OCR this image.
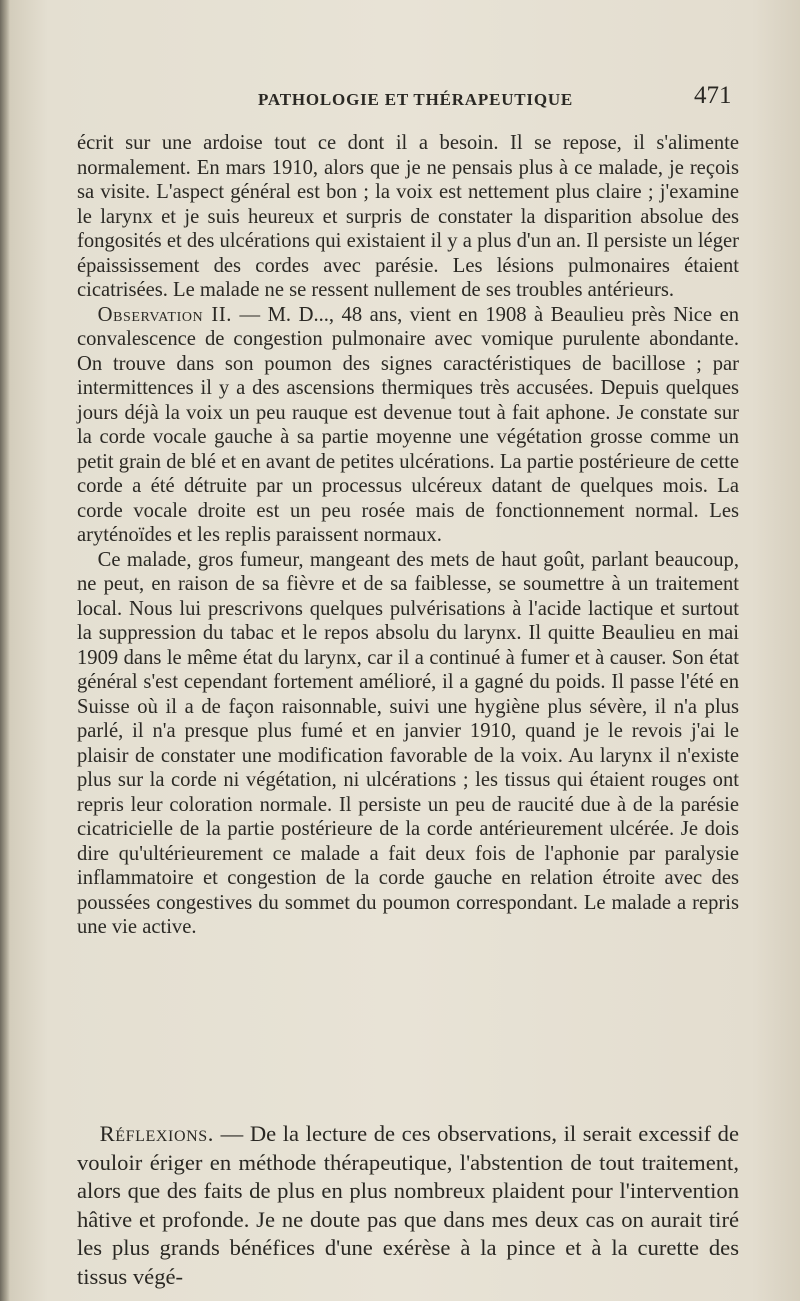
PATHOLOGIE ET THÉRAPEUTIQUE	471

écrit sur une ardoise tout ce dont il a besoin. Il se repose, il s'alimente normalement. En mars 1910, alors que je ne pensais plus à ce malade, je reçois sa visite. L'aspect général est bon ; la voix est nettement plus claire ; j'examine le larynx et je suis heureux et surpris de constater la disparition absolue des fongosités et des ulcérations qui existaient il y a plus d'un an. Il persiste un léger épaississement des cordes avec parésie. Les lésions pulmonaires étaient cicatrisées. Le malade ne se ressent nullement de ses troubles antérieurs.

Observation II. — M. D..., 48 ans, vient en 1908 à Beaulieu près Nice en convalescence de congestion pulmonaire avec vomique purulente abondante. On trouve dans son poumon des signes caractéristiques de bacillose ; par intermittences il y a des ascensions thermiques très accusées. Depuis quelques jours déjà la voix un peu rauque est devenue tout à fait aphone. Je constate sur la corde vocale gauche à sa partie moyenne une végétation grosse comme un petit grain de blé et en avant de petites ulcérations. La partie postérieure de cette corde a été détruite par un processus ulcéreux datant de quelques mois. La corde vocale droite est un peu rosée mais de fonctionnement normal. Les aryténoïdes et les replis paraissent normaux.

Ce malade, gros fumeur, mangeant des mets de haut goût, parlant beaucoup, ne peut, en raison de sa fièvre et de sa faiblesse, se soumettre à un traitement local. Nous lui prescrivons quelques pulvérisations à l'acide lactique et surtout la suppression du tabac et le repos absolu du larynx. Il quitte Beaulieu en mai 1909 dans le même état du larynx, car il a continué à fumer et à causer. Son état général s'est cependant fortement amélioré, il a gagné du poids. Il passe l'été en Suisse où il a de façon raisonnable, suivi une hygiène plus sévère, il n'a plus parlé, il n'a presque plus fumé et en janvier 1910, quand je le revois j'ai le plaisir de constater une modification favorable de la voix. Au larynx il n'existe plus sur la corde ni végétation, ni ulcérations ; les tissus qui étaient rouges ont repris leur coloration normale. Il persiste un peu de raucité due à de la parésie cicatricielle de la partie postérieure de la corde antérieurement ulcérée. Je dois dire qu'ultérieurement ce malade a fait deux fois de l'aphonie par paralysie inflammatoire et congestion de la corde gauche en relation étroite avec des poussées congestives du sommet du poumon correspondant. Le malade a repris une vie active.

Réflexions. — De la lecture de ces observations, il serait excessif de vouloir ériger en méthode thérapeutique, l'abstention de tout traitement, alors que des faits de plus en plus nombreux plaident pour l'intervention hâtive et profonde. Je ne doute pas que dans mes deux cas on aurait tiré les plus grands bénéfices d'une exérèse à la pince et à la curette des tissus végé-
